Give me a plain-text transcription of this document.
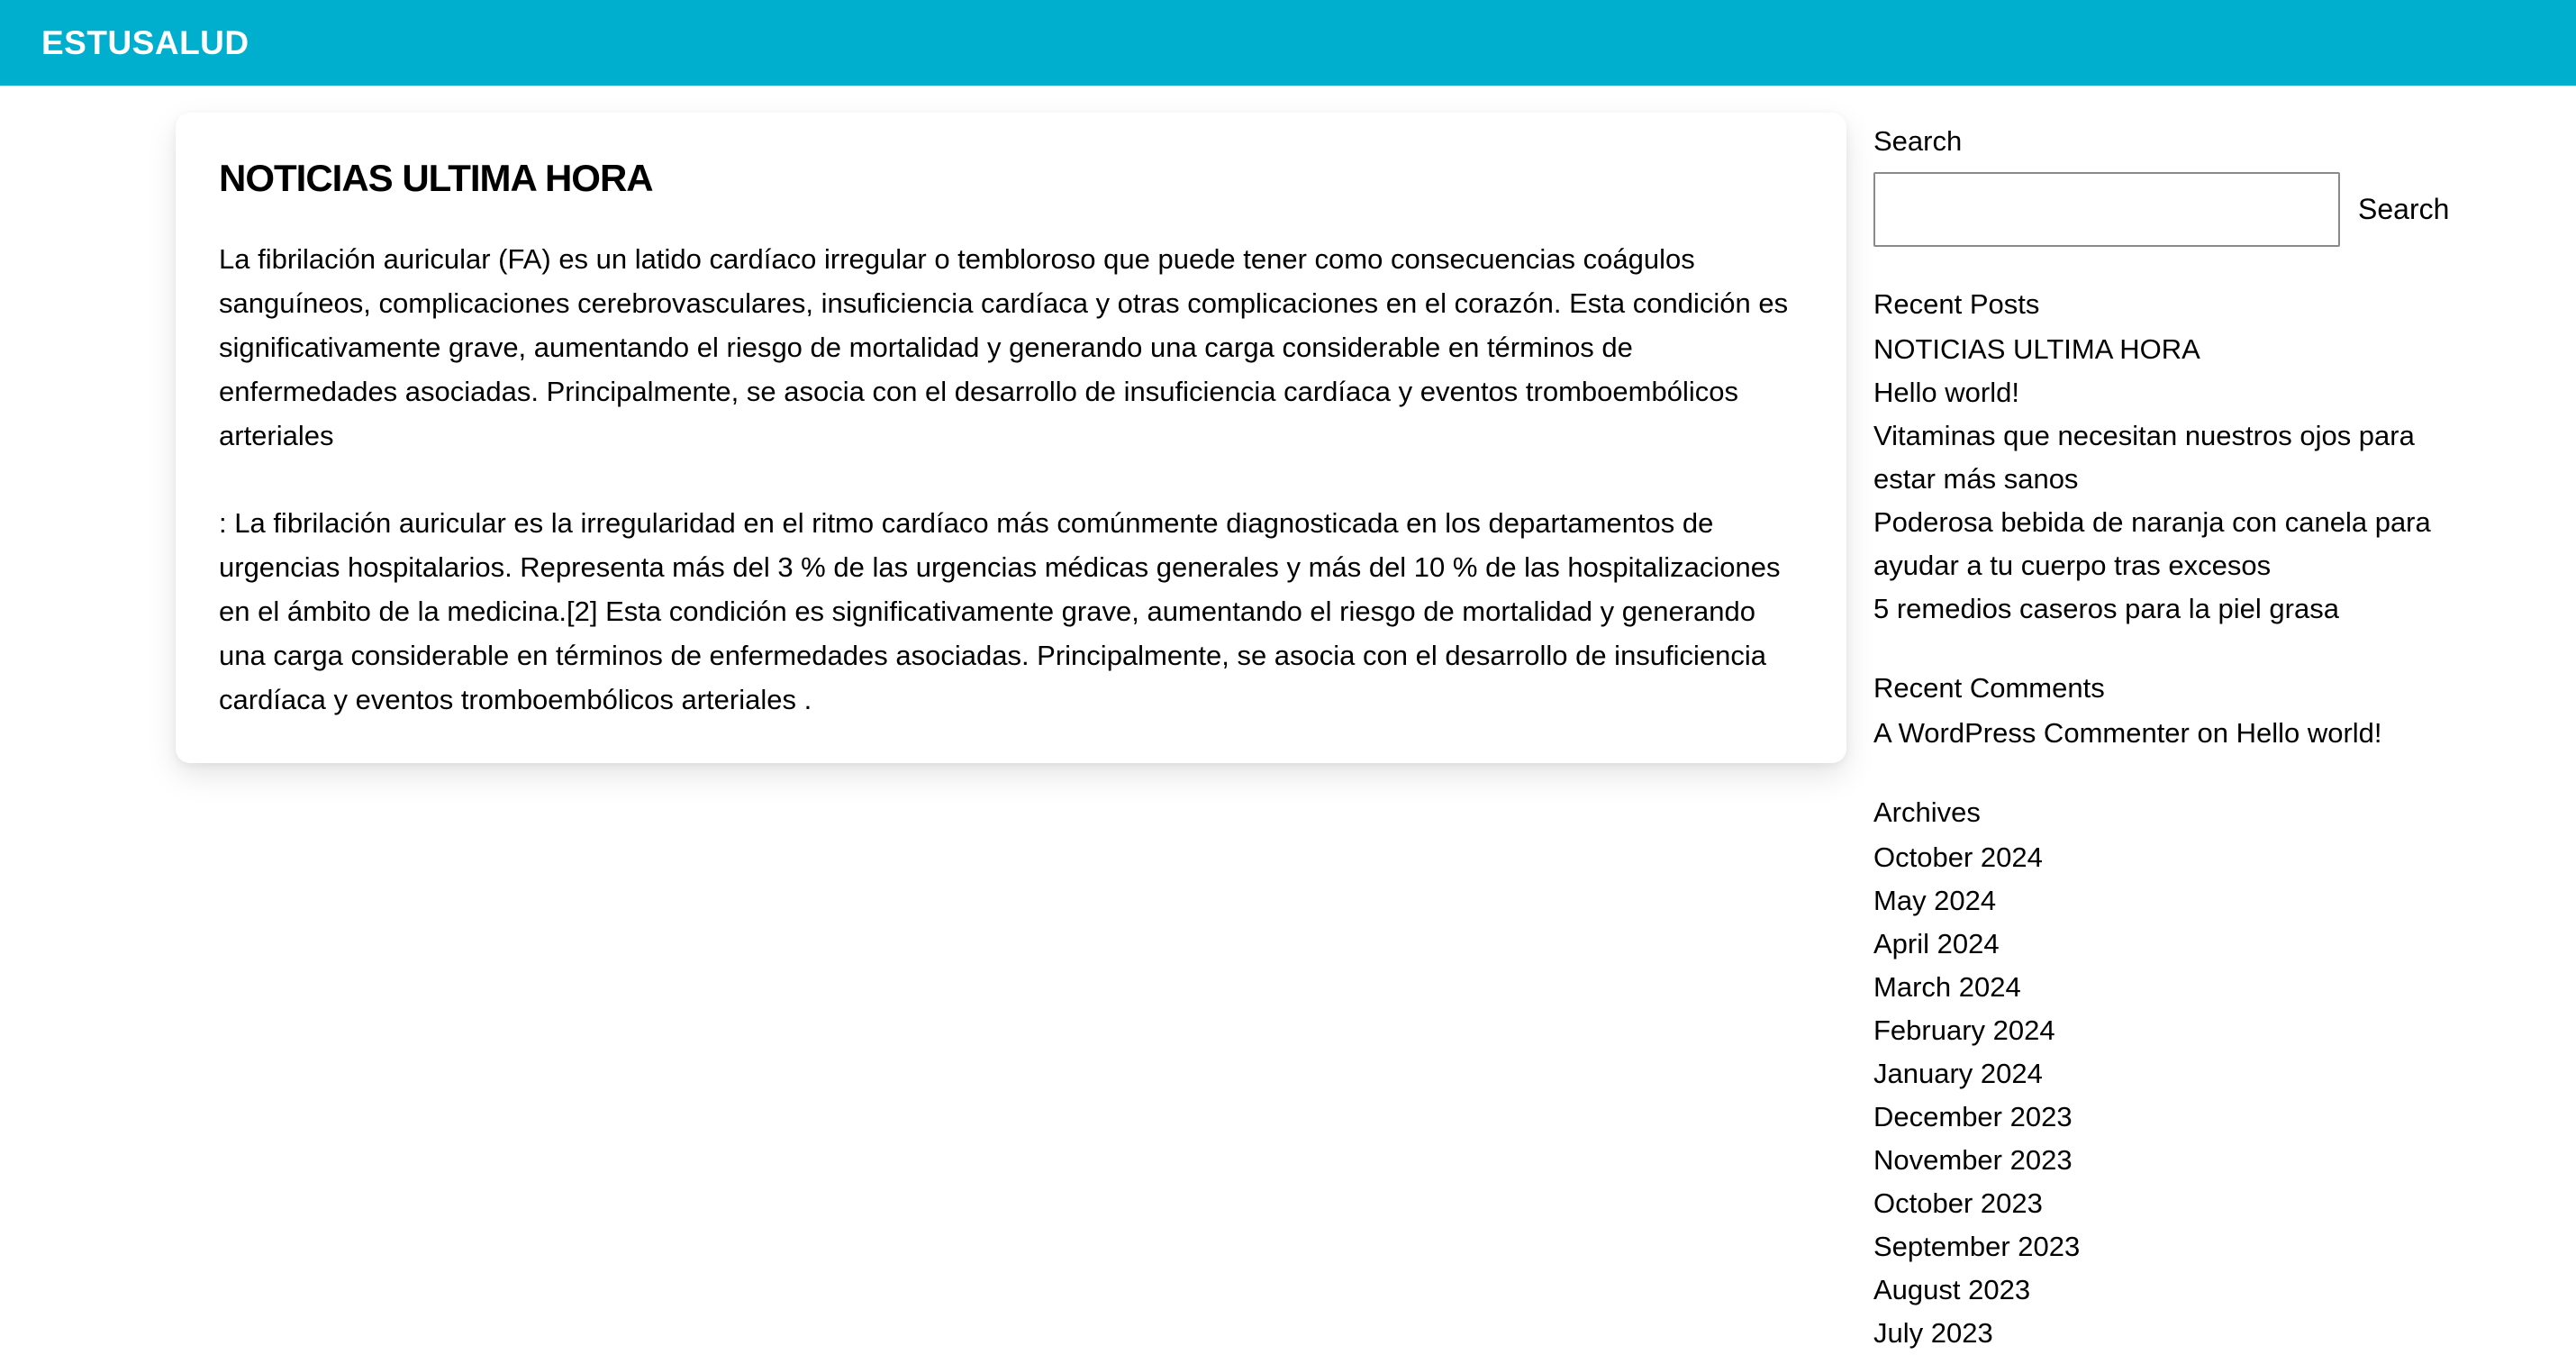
ESTUSALUD
NOTICIAS ULTIMA HORA

La fibrilación auricular (FA) es un latido cardíaco irregular o tembloroso que puede tener como consecuencias coágulos sanguíneos, complicaciones cerebrovasculares, insuficiencia cardíaca y otras complicaciones en el corazón. Esta condición es significativamente grave, aumentando el riesgo de mortalidad y generando una carga considerable en términos de enfermedades asociadas. Principalmente, se asocia con el desarrollo de insuficiencia cardíaca y eventos tromboembólicos arteriales

: La fibrilación auricular es la irregularidad en el ritmo cardíaco más comúnmente diagnosticada en los departamentos de urgencias hospitalarios. Representa más del 3 % de las urgencias médicas generales y más del 10 % de las hospitalizaciones en el ámbito de la medicina.[2] Esta condición es significativamente grave, aumentando el riesgo de mortalidad y generando una carga considerable en términos de enfermedades asociadas. Principalmente, se asocia con el desarrollo de insuficiencia cardíaca y eventos tromboembólicos arteriales .

Search
Search
Recent Posts
NOTICIAS ULTIMA HORA
Hello world!
Vitaminas que necesitan nuestros ojos para estar más sanos
Poderosa bebida de naranja con canela para ayudar a tu cuerpo tras excesos
5 remedios caseros para la piel grasa
Recent Comments
A WordPress Commenter on Hello world!
Archives
October 2024
May 2024
April 2024
March 2024
February 2024
January 2024
December 2023
November 2023
October 2023
September 2023
August 2023
July 2023
